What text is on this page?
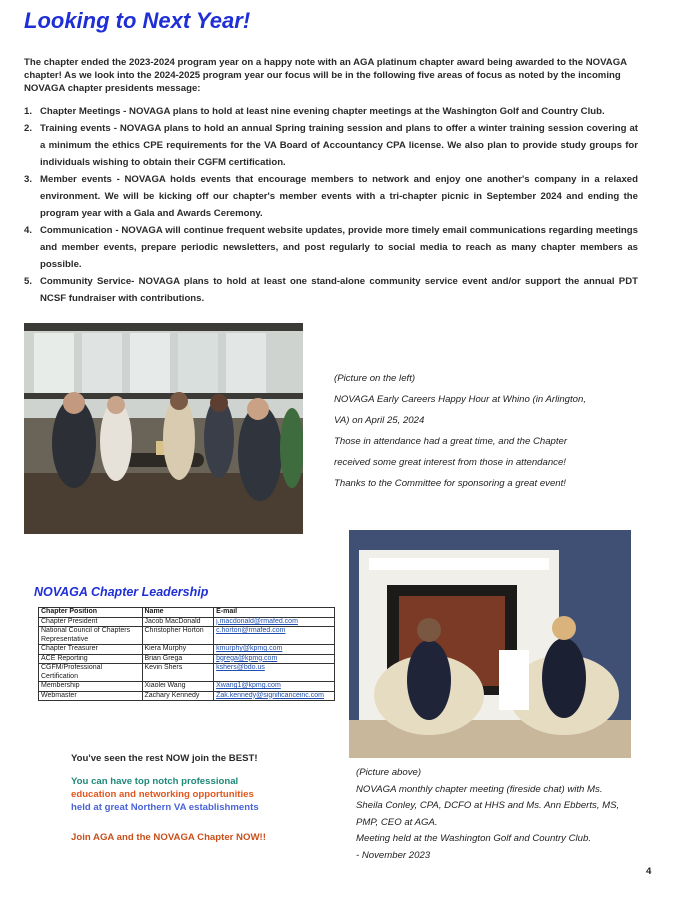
Looking to Next Year!
The chapter ended the 2023-2024 program year on a happy note with an AGA platinum chapter award being awarded to the NOVAGA chapter! As we look into the 2024-2025 program year our focus will be in the following five areas of focus as noted by the incoming NOVAGA chapter presidents message:
1. Chapter Meetings - NOVAGA plans to hold at least nine evening chapter meetings at the Washington Golf and Country Club.
2. Training events - NOVAGA plans to hold an annual Spring training session and plans to offer a winter training session covering at a minimum the ethics CPE requirements for the VA Board of Accountancy CPA license. We also plan to provide study groups for individuals wishing to obtain their CGFM certification.
3. Member events - NOVAGA holds events that encourage members to network and enjoy one another's company in a relaxed environment. We will be kicking off our chapter's member events with a tri-chapter picnic in September 2024 and ending the program year with a Gala and Awards Ceremony.
4. Communication - NOVAGA will continue frequent website updates, provide more timely email communications regarding meetings and member events, prepare periodic newsletters, and post regularly to social media to reach as many chapter members as possible.
5. Community Service- NOVAGA plans to hold at least one stand-alone community service event and/or support the annual PDT NCSF fundraiser with contributions.
(Picture on the left)
NOVAGA Early Careers Happy Hour at Whino (in Arlington,
VA) on April 25, 2024
Those in attendance had a great time, and the Chapter
received some great interest from those in attendance!
Thanks to the Committee for sponsoring a great event!
NOVAGA Chapter Leadership
Chapter Position	Name	E-mail
Chapter President	Jacob MacDonald	j.macdonald@rmafed.com
National Council of Chapters Representative	Christopher Horton	c.horton@rmafed.com
Chapter Treasurer	Kiera Murphy	kmurphy@kpmg.com
ACE Reporting	Brian Grega	bgrega@kpmg.com
CGFM/Professional Certification	Kevin Shers	kshers@bdo.us
Membership	Xiaolei Wang	Xwang1@kpmg.com
Webmaster	Zachary Kennedy	Zak.kennedy@significanceinc.com
You've seen the rest NOW join the BEST!
You can have top notch professional
education and networking opportunities
held at great Northern VA establishments
Join AGA and the NOVAGA Chapter NOW!!
(Picture above)
NOVAGA monthly chapter meeting (fireside chat) with Ms.
Sheila Conley, CPA, DCFO at HHS and Ms. Ann Ebberts, MS,
PMP, CEO at AGA.
Meeting held at the Washington Golf and Country Club.
- November 2023
4
